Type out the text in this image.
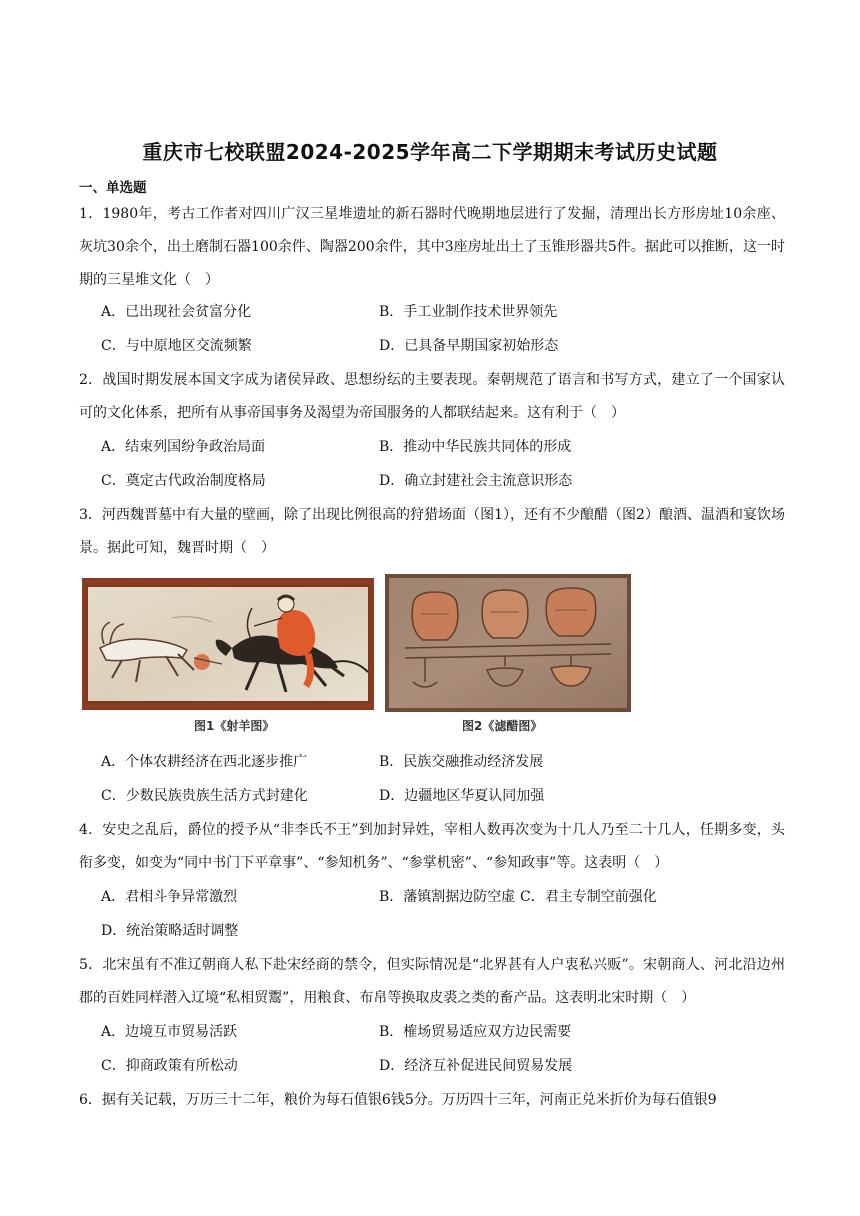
重庆市七校联盟2024-2025学年高二下学期期末考试历史试题
一、单选题
1．1980年，考古工作者对四川广汉三星堆遗址的新石器时代晚期地层进行了发掘，清理出长方形房址10余座、灰坑30余个，出土磨制石器100余件、陶器200余件，其中3座房址出土了玉锥形器共5件。据此可以推断，这一时期的三星堆文化（　）
A．已出现社会贫富分化	B．手工业制作技术世界领先
C．与中原地区交流频繁	D．已具备早期国家初始形态
2．战国时期发展本国文字成为诸侯异政、思想纷纭的主要表现。秦朝规范了语言和书写方式，建立了一个国家认可的文化体系，把所有从事帝国事务及渴望为帝国服务的人都联结起来。这有利于（　）
A．结束列国纷争政治局面	B．推动中华民族共同体的形成
C．奠定古代政治制度格局	D．确立封建社会主流意识形态
3．河西魏晋墓中有大量的壁画，除了出现比例很高的狩猎场面（图1），还有不少酿醋（图2）酿酒、温酒和宴饮场景。据此可知，魏晋时期（　）
图1《射羊图》	图2《滤醋图》
A．个体农耕经济在西北逐步推广	B．民族交融推动经济发展
C．少数民族贵族生活方式封建化	D．边疆地区华夏认同加强
4．安史之乱后，爵位的授予从“非李氏不王”到加封异姓，宰相人数再次变为十几人乃至二十几人，任期多变，头衔多变，如变为“同中书门下平章事”、“参知机务”、“参掌机密”、“参知政事”等。这表明（　）
A．君相斗争异常激烈	B．藩镇割据边防空虚 C．君主专制空前强化
D．统治策略适时调整
5．北宋虽有不准辽朝商人私下赴宋经商的禁令，但实际情况是“北界甚有人户衷私兴贩”。宋朝商人、河北沿边州郡的百姓同样潜入辽境“私相贸鬻”，用粮食、布帛等换取皮裘之类的畜产品。这表明北宋时期（　）
A．边境互市贸易活跃	B．榷场贸易适应双方边民需要
C．抑商政策有所松动	D．经济互补促进民间贸易发展
6．据有关记载，万历三十二年，粮价为每石值银6钱5分。万历四十三年，河南正兑米折价为每石值银9
